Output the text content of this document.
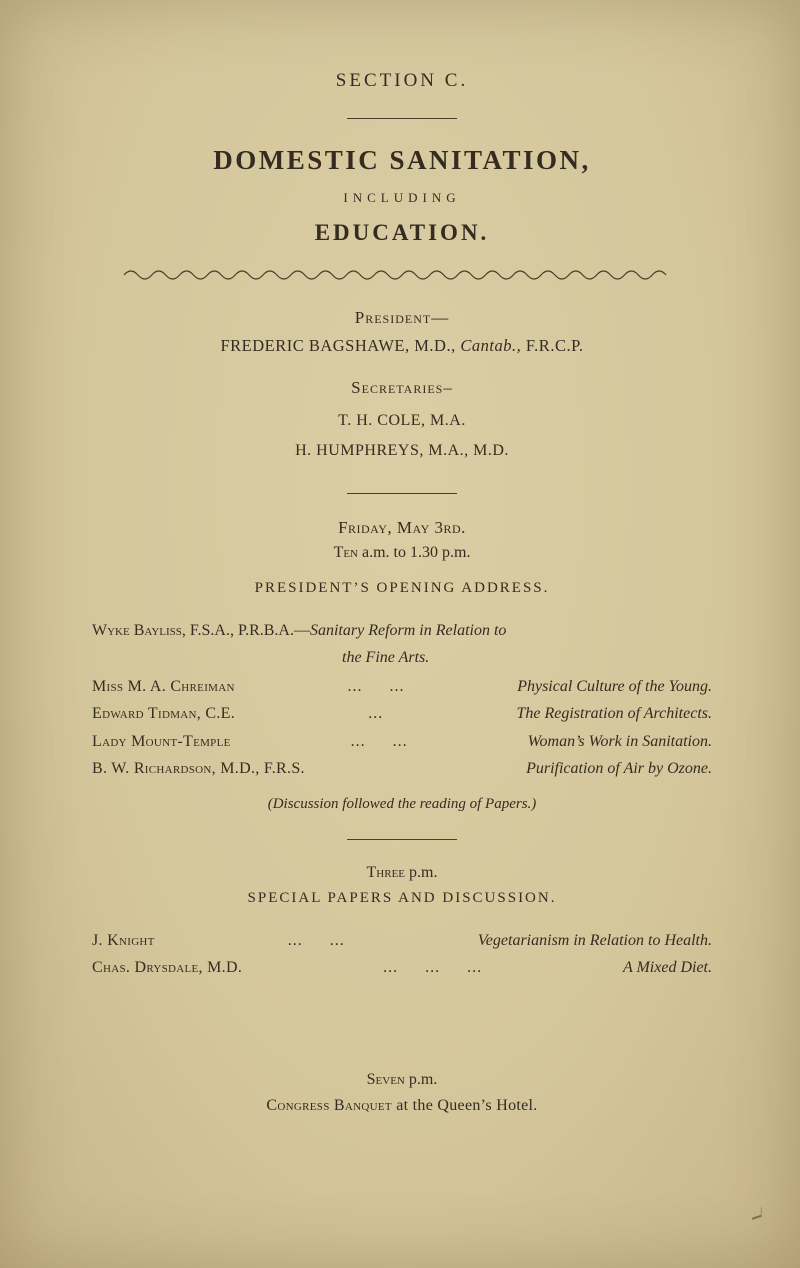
SECTION C.

DOMESTIC SANITATION,

INCLUDING

EDUCATION.

President—

FREDERIC BAGSHAWE, M.D., Cantab., F.R.C.P.

Secretaries–

T. H. COLE, M.A.

H. HUMPHREYS, M.A., M.D.

Friday, May 3rd.

Ten a.m. to 1.30 p.m.

PRESIDENT’S OPENING ADDRESS.

Wyke Bayliss, F.S.A., P.R.B.A.—Sanitary Reform in Relation to
the Fine Arts.

Miss M. A. Chreiman	... ...	Physical Culture of the Young.
Edward Tidman, C.E.	...	The Registration of Architects.
Lady Mount-Temple	... ...	Woman’s Work in Sanitation.
B. W. Richardson, M.D., F.R.S.	Purification of Air by Ozone.

(Discussion followed the reading of Papers.)

Three p.m.

SPECIAL PAPERS AND DISCUSSION.

J. Knight	... ...	Vegetarianism in Relation to Health.
Chas. Drysdale, M.D.	... ... ...	A Mixed Diet.

Seven p.m.

Congress Banquet at the Queen’s Hotel.
